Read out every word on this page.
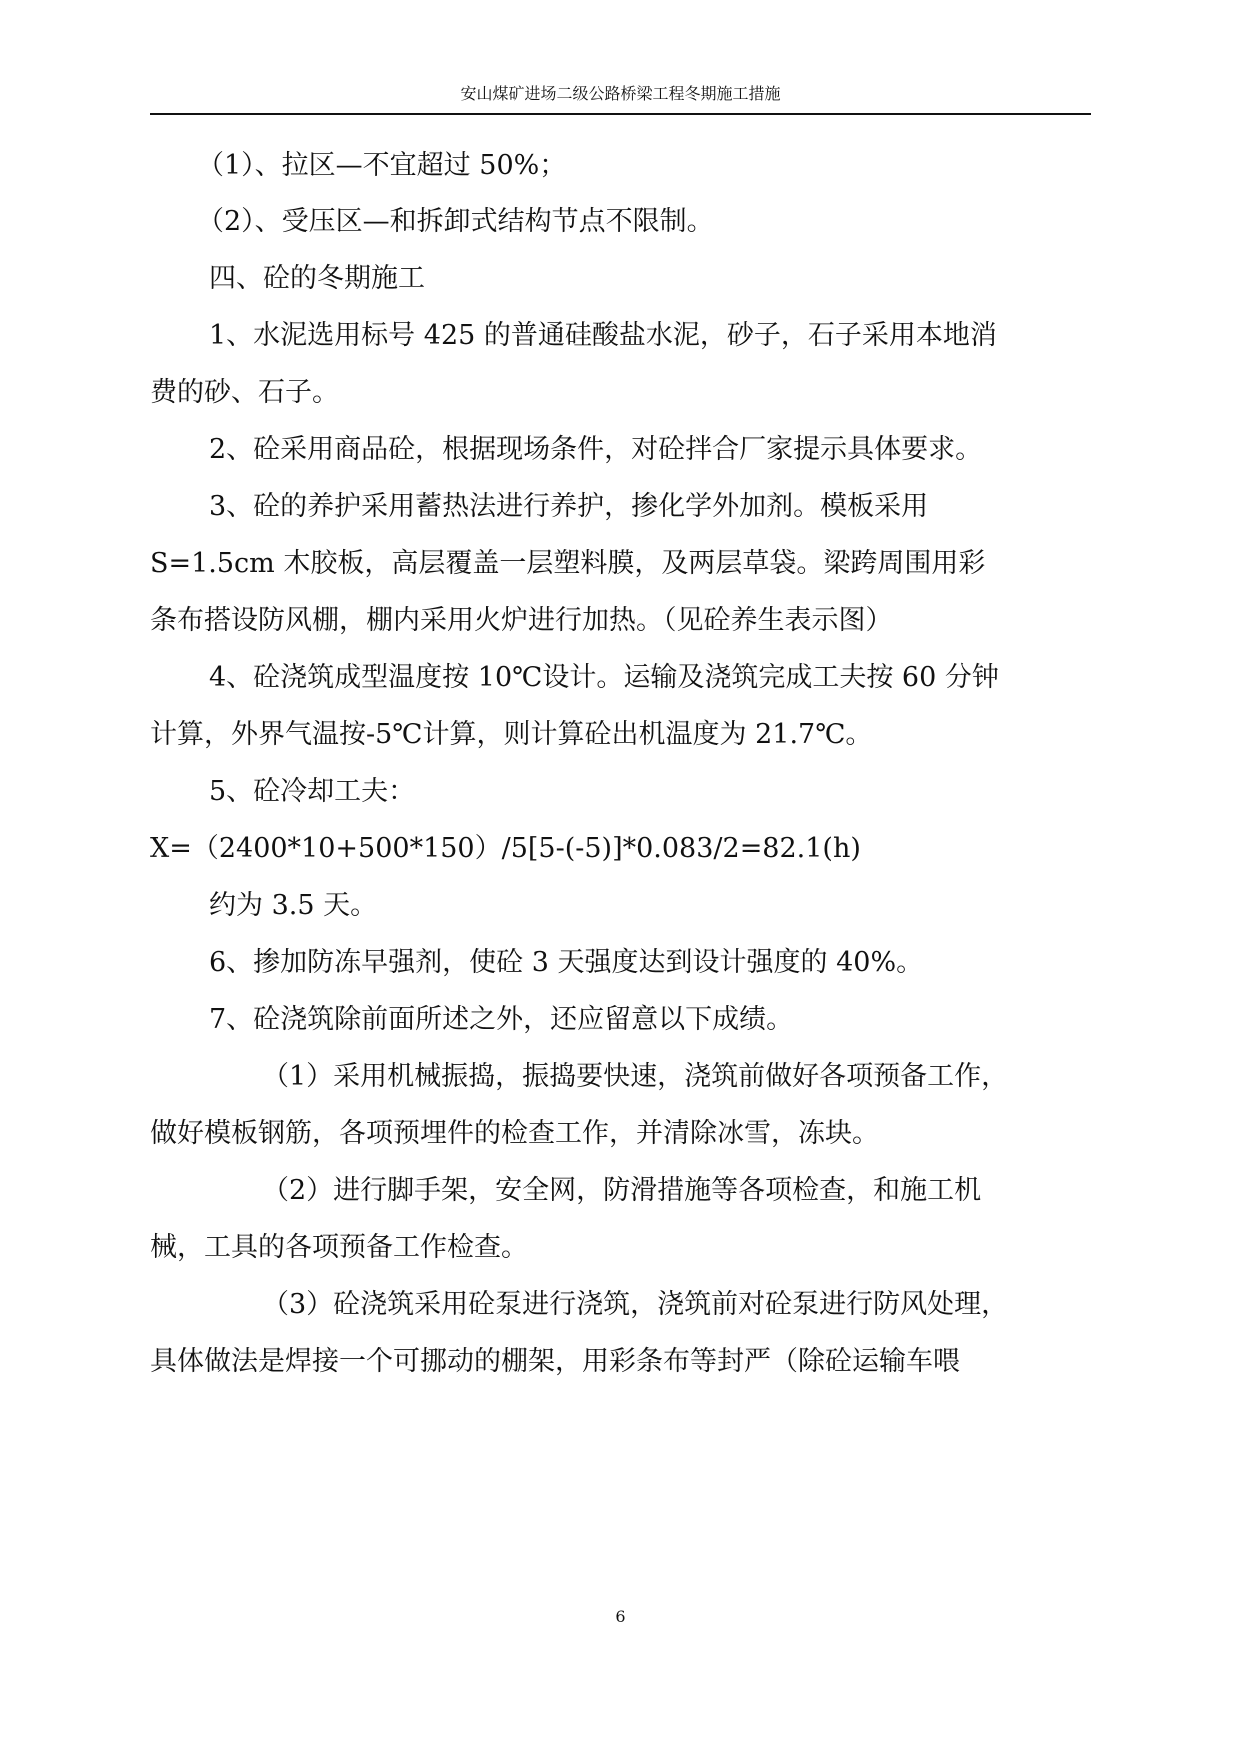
安山煤矿进场二级公路桥梁工程冬期施工措施
（1）、拉区—不宜超过 50%；
（2）、受压区—和拆卸式结构节点不限制。
四、砼的冬期施工
1、水泥选用标号 425 的普通硅酸盐水泥，砂子，石子采用本地消
费的砂、石子。
2、砼采用商品砼，根据现场条件，对砼拌合厂家提示具体要求。
3、砼的养护采用蓄热法进行养护，掺化学外加剂。模板采用
S=1.5cm 木胶板，高层覆盖一层塑料膜，及两层草袋。梁跨周围用彩
条布搭设防风棚，棚内采用火炉进行加热。（见砼养生表示图）
4、砼浇筑成型温度按 10℃设计。运输及浇筑完成工夫按 60 分钟
计算，外界气温按-5℃计算，则计算砼出机温度为 21.7℃。
5、砼冷却工夫：
X=（2400*10+500*150）/5[5-(-5)]*0.083/2=82.1(h)
约为 3.5 天。
6、掺加防冻早强剂，使砼 3 天强度达到设计强度的 40%。
7、砼浇筑除前面所述之外，还应留意以下成绩。
（1）采用机械振捣，振捣要快速，浇筑前做好各项预备工作，
做好模板钢筋，各项预埋件的检查工作，并清除冰雪，冻块。
（2）进行脚手架，安全网，防滑措施等各项检查，和施工机
械，工具的各项预备工作检查。
（3）砼浇筑采用砼泵进行浇筑，浇筑前对砼泵进行防风处理，
具体做法是焊接一个可挪动的棚架，用彩条布等封严（除砼运输车喂
6
